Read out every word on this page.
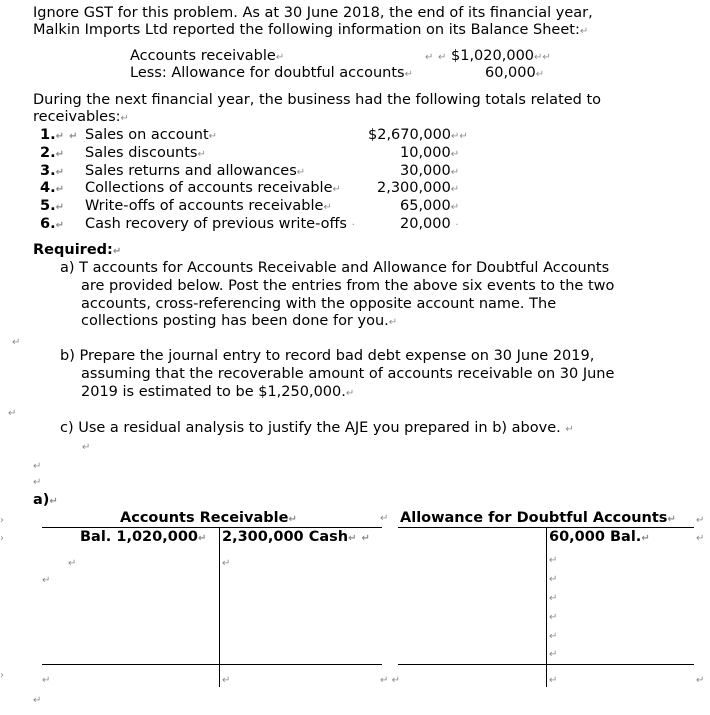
Ignore GST for this problem. As at 30 June 2018, the end of its financial year,
Malkin Imports Ltd reported the following information on its Balance Sheet:↵
Accounts receivable↵	↵ ↵ $1,020,000↵↵
Less: Allowance for doubtful accounts↵	60,000↵
During the next financial year, the business had the following totals related to
receivables:↵
1.↵ ↵ Sales on account↵	$2,670,000↵↵
2.↵ Sales discounts↵	10,000↵
3.↵ Sales returns and allowances↵	30,000↵
4.↵ Collections of accounts receivable↵ 2,300,000↵
5.↵ Write-offs of accounts receivable↵	65,000↵
6.↵ Cash recovery of previous write-offs ·	20,000 ·
Required:↵
a) T accounts for Accounts Receivable and Allowance for Doubtful Accounts
are provided below. Post the entries from the above six events to the two
accounts, cross-referencing with the opposite account name. The
collections posting has been done for you.↵
↵
b) Prepare the journal entry to record bad debt expense on 30 June 2019,
assuming that the recoverable amount of accounts receivable on 30 June
2019 is estimated to be $1,250,000.↵
↵
c) Use a residual analysis to justify the AJE you prepared in b) above. ↵
↵
↵
↵
a)↵
›
›
›
Accounts Receivable↵
Bal. 1,020,000↵ 2,300,000 Cash↵ ↵
↵	↵
↵
↵	↵
↵
↵
↵ ↵
Allowance for Doubtful Accounts↵
60,000 Bal.↵
↵
↵
↵
↵
↵
↵
↵
↵
↵
↵
